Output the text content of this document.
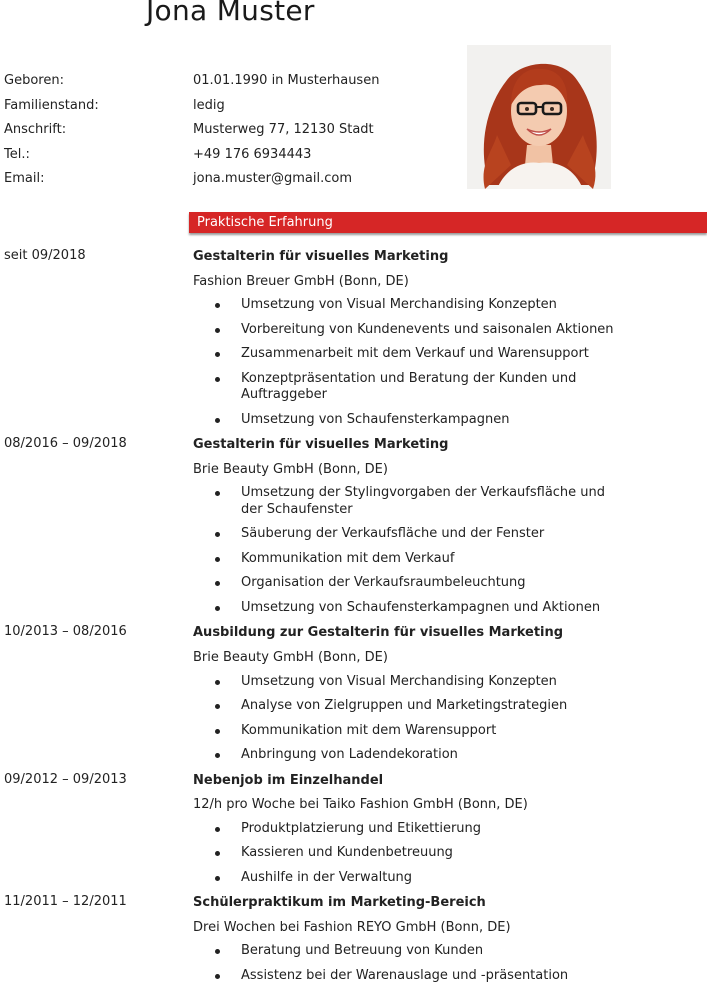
Jona Muster
Geboren:	01.01.1990 in Musterhausen
Familienstand:	ledig
Anschrift:	Musterweg 77, 12130 Stadt
Tel.:	+49 176 6934443
Email:	jona.muster@gmail.com
Praktische Erfahrung
seit 09/2018	Gestalterin für visuelles Marketing
Fashion Breuer GmbH (Bonn, DE)
Umsetzung von Visual Merchandising Konzepten
Vorbereitung von Kundenevents und saisonalen Aktionen
Zusammenarbeit mit dem Verkauf und Warensupport
Konzeptpräsentation und Beratung der Kunden und Auftraggeber
Umsetzung von Schaufensterkampagnen
08/2016 – 09/2018	Gestalterin für visuelles Marketing
Brie Beauty GmbH (Bonn, DE)
Umsetzung der Stylingvorgaben der Verkaufsfläche und der Schaufenster
Säuberung der Verkaufsfläche und der Fenster
Kommunikation mit dem Verkauf
Organisation der Verkaufsraumbeleuchtung
Umsetzung von Schaufensterkampagnen und Aktionen
10/2013 – 08/2016	Ausbildung zur Gestalterin für visuelles Marketing
Brie Beauty GmbH (Bonn, DE)
Umsetzung von Visual Merchandising Konzepten
Analyse von Zielgruppen und Marketingstrategien
Kommunikation mit dem Warensupport
Anbringung von Ladendekoration
09/2012 – 09/2013	Nebenjob im Einzelhandel
12/h pro Woche bei Taiko Fashion GmbH (Bonn, DE)
Produktplatzierung und Etikettierung
Kassieren und Kundenbetreuung
Aushilfe in der Verwaltung
11/2011 – 12/2011	Schülerpraktikum im Marketing-Bereich
Drei Wochen bei Fashion REYO GmbH (Bonn, DE)
Beratung und Betreuung von Kunden
Assistenz bei der Warenauslage und -präsentation
